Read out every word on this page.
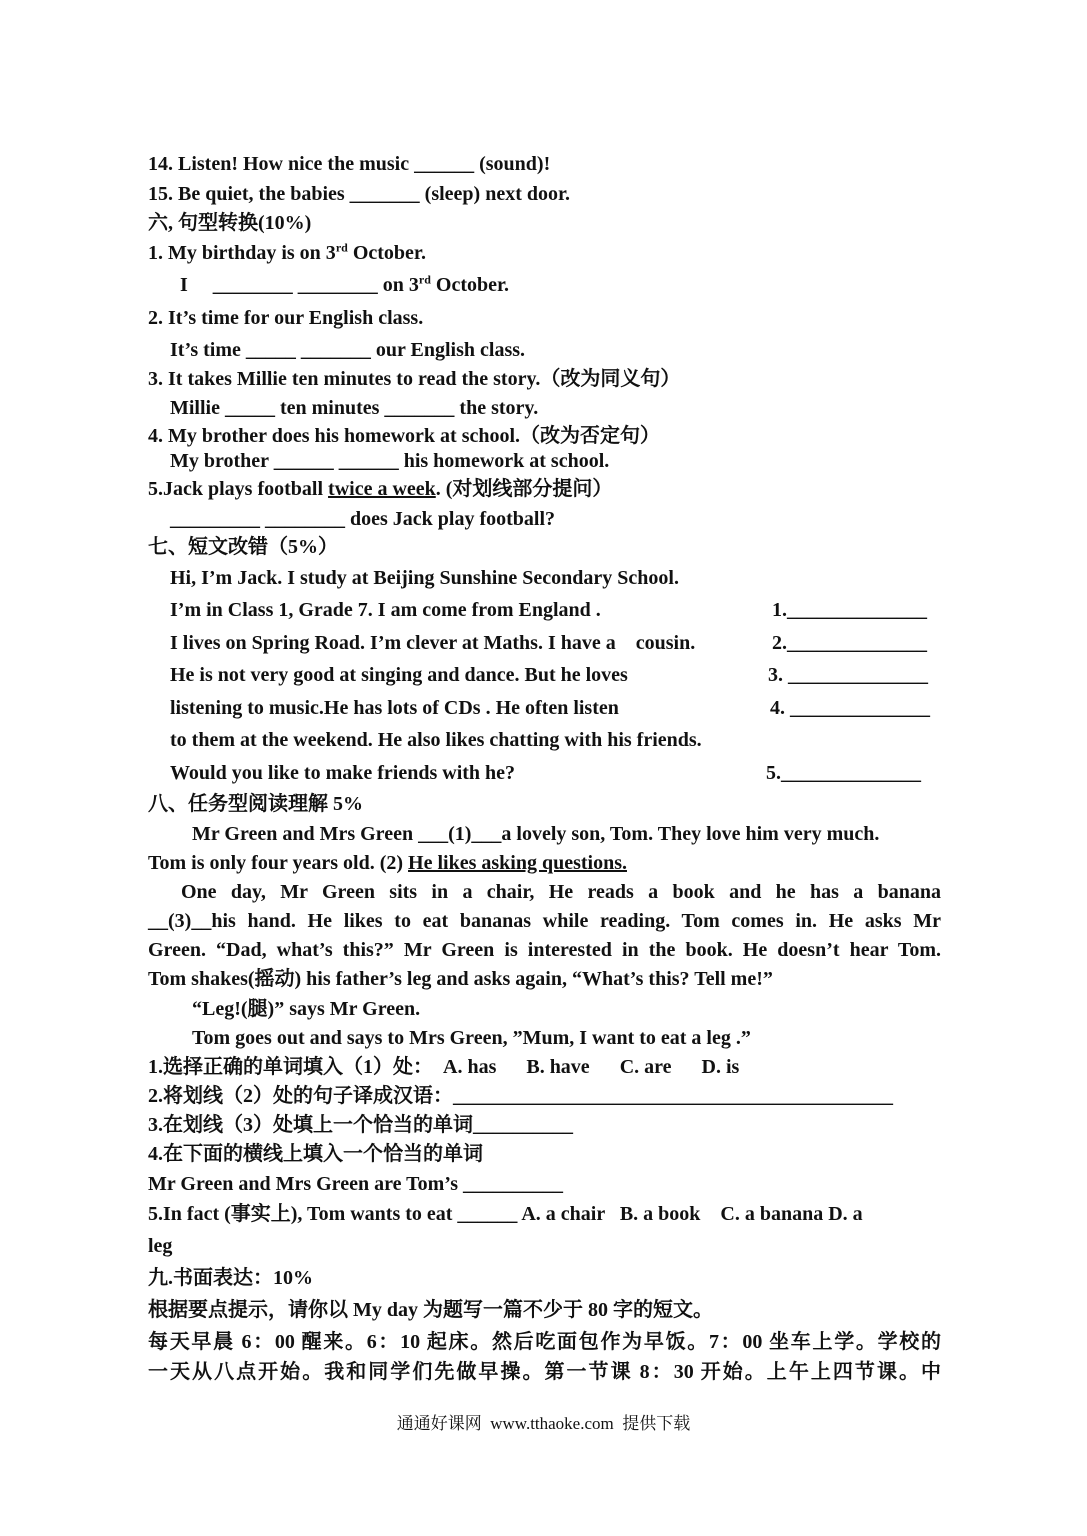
14. Listen! How nice the music ______ (sound)!
15. Be quiet, the babies _______ (sleep) next door.
六, 句型转换(10%)
1. My birthday is on 3rd October.
I     ________ ________ on 3rd October.
2. It’s time for our English class.
It’s time _____ _______ our English class.
3. It takes Millie ten minutes to read the story.（改为同义句）
Millie _____ ten minutes _______ the story.
4. My brother does his homework at school.（改为否定句）
My brother ______ ______ his homework at school.
5.Jack plays football twice a week. (对划线部分提问）
_________ ________ does Jack play football?
七、短文改错（5%）
Hi, I’m Jack. I study at Beijing Sunshine Secondary School.
I’m in Class 1, Grade 7. I am come from England .	1.______________
I lives on Spring Road. I’m clever at Maths. I have a    cousin.	2.______________
He is not very good at singing and dance. But he loves	3. ______________
listening to music.He has lots of CDs . He often listen	4. ______________
to them at the weekend. He also likes chatting with his friends.
Would you like to make friends with he?	5.______________
八、任务型阅读理解 5%
Mr Green and Mrs Green ___(1)___a lovely son, Tom. They love him very much.
Tom is only four years old. (2) He likes asking questions.
One day, Mr Green sits in a chair, He reads a book and he has a banana
__(3)__his hand. He likes to eat bananas while reading. Tom comes in. He asks Mr
Green. “Dad, what’s this?” Mr Green is interested in the book. He doesn’t hear Tom.
Tom shakes(摇动) his father’s leg and asks again, “What’s this? Tell me!”
“Leg!(腿)” says Mr Green.
Tom goes out and says to Mrs Green, ”Mum, I want to eat a leg .”
1.选择正确的单词填入（1）处：  A. has      B. have      C. are      D. is
2.将划线（2）处的句子译成汉语：____________________________________________
3.在划线（3）处填上一个恰当的单词__________
4.在下面的横线上填入一个恰当的单词
Mr Green and Mrs Green are Tom’s __________
5.In fact (事实上), Tom wants to eat ______ A. a chair   B. a book    C. a banana D. a
leg
九.书面表达：10%
根据要点提示，请你以 My day 为题写一篇不少于 80 字的短文。
每天早晨 6：00 醒来。6：10 起床。然后吃面包作为早饭。7：00 坐车上学。学校的
一天从八点开始。我和同学们先做早操。第一节课 8：30 开始。上午上四节课。中
通通好课网  www.tthaoke.com  提供下载
